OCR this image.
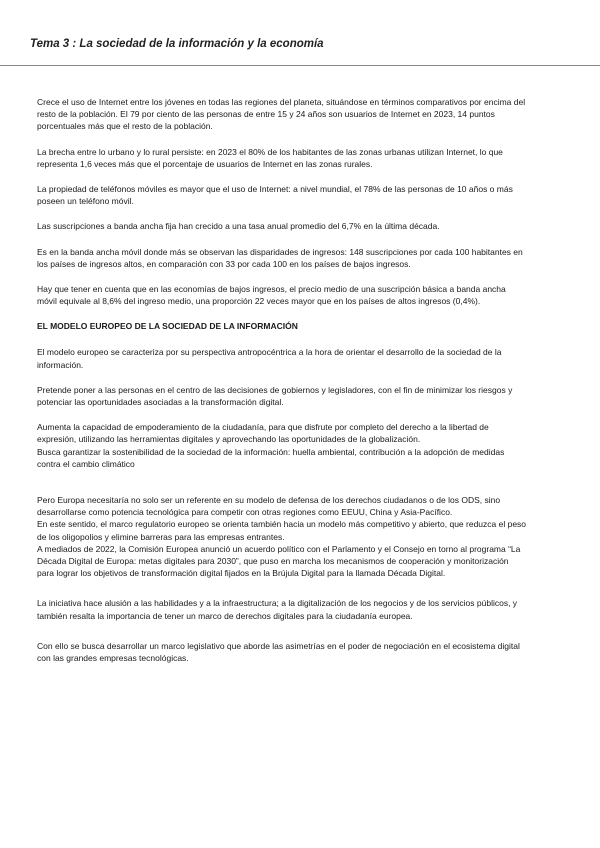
Tema 3 : La sociedad de la información y la economía

Crece el uso de Internet entre los jóvenes en todas las regiones del planeta, situándose en términos comparativos por encima del resto de la población. El 79 por ciento de las personas de entre 15 y 24 años son usuarios de Internet en 2023, 14 puntos porcentuales más que el resto de la población.

La brecha entre lo urbano y lo rural persiste: en 2023 el 80% de los habitantes de las zonas urbanas utilizan Internet, lo que representa 1,6 veces más que el porcentaje de usuarios de Internet en las zonas rurales.

La propiedad de teléfonos móviles es mayor que el uso de Internet: a nivel mundial, el 78% de las personas de 10 años o más poseen un teléfono móvil.

Las suscripciones a banda ancha fija han crecido a una tasa anual promedio del 6,7% en la última década.

Es en la banda ancha móvil donde más se observan las disparidades de ingresos: 148 suscripciones por cada 100 habitantes en los países de ingresos altos, en comparación con 33 por cada 100 en los países de bajos ingresos.

Hay que tener en cuenta que en las economías de bajos ingresos, el precio medio de una suscripción básica a banda ancha móvil equivale al 8,6% del ingreso medio, una proporción 22 veces mayor que en los países de altos ingresos (0,4%).

EL MODELO EUROPEO DE LA SOCIEDAD DE LA INFORMACIÓN

El modelo europeo se caracteriza por su perspectiva antropocéntrica a la hora de orientar el desarrollo de la sociedad de la información.

Pretende poner a las personas en el centro de las decisiones de gobiernos y legisladores, con el fin de minimizar los riesgos y potenciar las oportunidades asociadas a la transformación digital.

Aumenta la capacidad de empoderamiento de la ciudadanía, para que disfrute por completo del derecho a la libertad de expresión, utilizando las herramientas digitales y aprovechando las oportunidades de la globalización.

Busca garantizar la sostenibilidad de la sociedad de la información: huella ambiental, contribución a la adopción de medidas contra el cambio climático

Pero Europa necesitaría no solo ser un referente en su modelo de defensa de los derechos ciudadanos o de los ODS, sino desarrollarse como potencia tecnológica para competir con otras regiones como EEUU, China y Asia-Pacífico.

En este sentido, el marco regulatorio europeo se orienta también hacia un modelo más competitivo y abierto, que reduzca el peso de los oligopolios y elimine barreras para las empresas entrantes.

A mediados de 2022, la Comisión Europea anunció un acuerdo político con el Parlamento y el Consejo en torno al programa “La Década Digital de Europa: metas digitales para 2030”, que puso en marcha los mecanismos de cooperación y monitorización para lograr los objetivos de transformación digital fijados en la Brújula Digital para la llamada Década Digital.

La iniciativa hace alusión a las habilidades y a la infraestructura; a la digitalización de los negocios y de los servicios públicos, y también resalta la importancia de tener un marco de derechos digitales para la ciudadanía europea.

Con ello se busca desarrollar un marco legislativo que aborde las asimetrías en el poder de negociación en el ecosistema digital con las grandes empresas tecnológicas.
